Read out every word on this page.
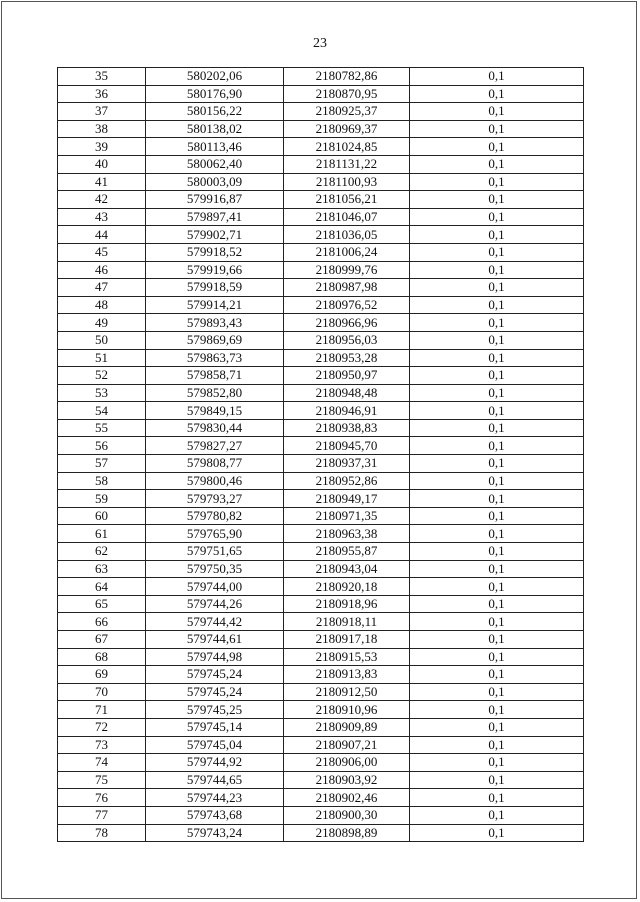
23
35	580202,06	2180782,86	0,1
36	580176,90	2180870,95	0,1
37	580156,22	2180925,37	0,1
38	580138,02	2180969,37	0,1
39	580113,46	2181024,85	0,1
40	580062,40	2181131,22	0,1
41	580003,09	2181100,93	0,1
42	579916,87	2181056,21	0,1
43	579897,41	2181046,07	0,1
44	579902,71	2181036,05	0,1
45	579918,52	2181006,24	0,1
46	579919,66	2180999,76	0,1
47	579918,59	2180987,98	0,1
48	579914,21	2180976,52	0,1
49	579893,43	2180966,96	0,1
50	579869,69	2180956,03	0,1
51	579863,73	2180953,28	0,1
52	579858,71	2180950,97	0,1
53	579852,80	2180948,48	0,1
54	579849,15	2180946,91	0,1
55	579830,44	2180938,83	0,1
56	579827,27	2180945,70	0,1
57	579808,77	2180937,31	0,1
58	579800,46	2180952,86	0,1
59	579793,27	2180949,17	0,1
60	579780,82	2180971,35	0,1
61	579765,90	2180963,38	0,1
62	579751,65	2180955,87	0,1
63	579750,35	2180943,04	0,1
64	579744,00	2180920,18	0,1
65	579744,26	2180918,96	0,1
66	579744,42	2180918,11	0,1
67	579744,61	2180917,18	0,1
68	579744,98	2180915,53	0,1
69	579745,24	2180913,83	0,1
70	579745,24	2180912,50	0,1
71	579745,25	2180910,96	0,1
72	579745,14	2180909,89	0,1
73	579745,04	2180907,21	0,1
74	579744,92	2180906,00	0,1
75	579744,65	2180903,92	0,1
76	579744,23	2180902,46	0,1
77	579743,68	2180900,30	0,1
78	579743,24	2180898,89	0,1
